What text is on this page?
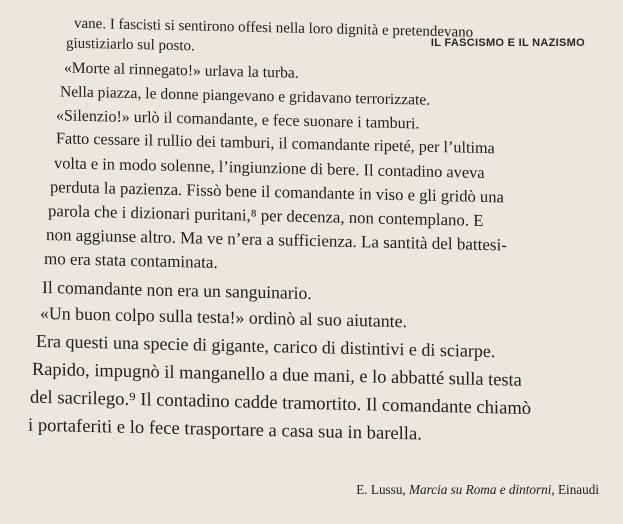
IL FASCISMO E IL NAZISMO
vane. I fascisti si sentirono offesi nella loro dignità e pretendevano
giustiziarlo sul posto.
«Morte al rinnegato!» urlava la turba.
Nella piazza, le donne piangevano e gridavano terrorizzate.
«Silenzio!» urlò il comandante, e fece suonare i tamburi.
Fatto cessare il rullio dei tamburi, il comandante ripeté, per l’ultima
volta e in modo solenne, l’ingiunzione di bere. Il contadino aveva
perduta la pazienza. Fissò bene il comandante in viso e gli gridò una
parola che i dizionari puritani,⁸ per decenza, non contemplano. E
non aggiunse altro. Ma ve n’era a sufficienza. La santità del battesi-
mo era stata contaminata.
Il comandante non era un sanguinario.
«Un buon colpo sulla testa!» ordinò al suo aiutante.
Era questi una specie di gigante, carico di distintivi e di sciarpe.
Rapido, impugnò il manganello a due mani, e lo abbatté sulla testa
del sacrilego.⁹ Il contadino cadde tramortito. Il comandante chiamò
i portaferiti e lo fece trasportare a casa sua in barella.
E. Lussu, Marcia su Roma e dintorni, Einaudi
